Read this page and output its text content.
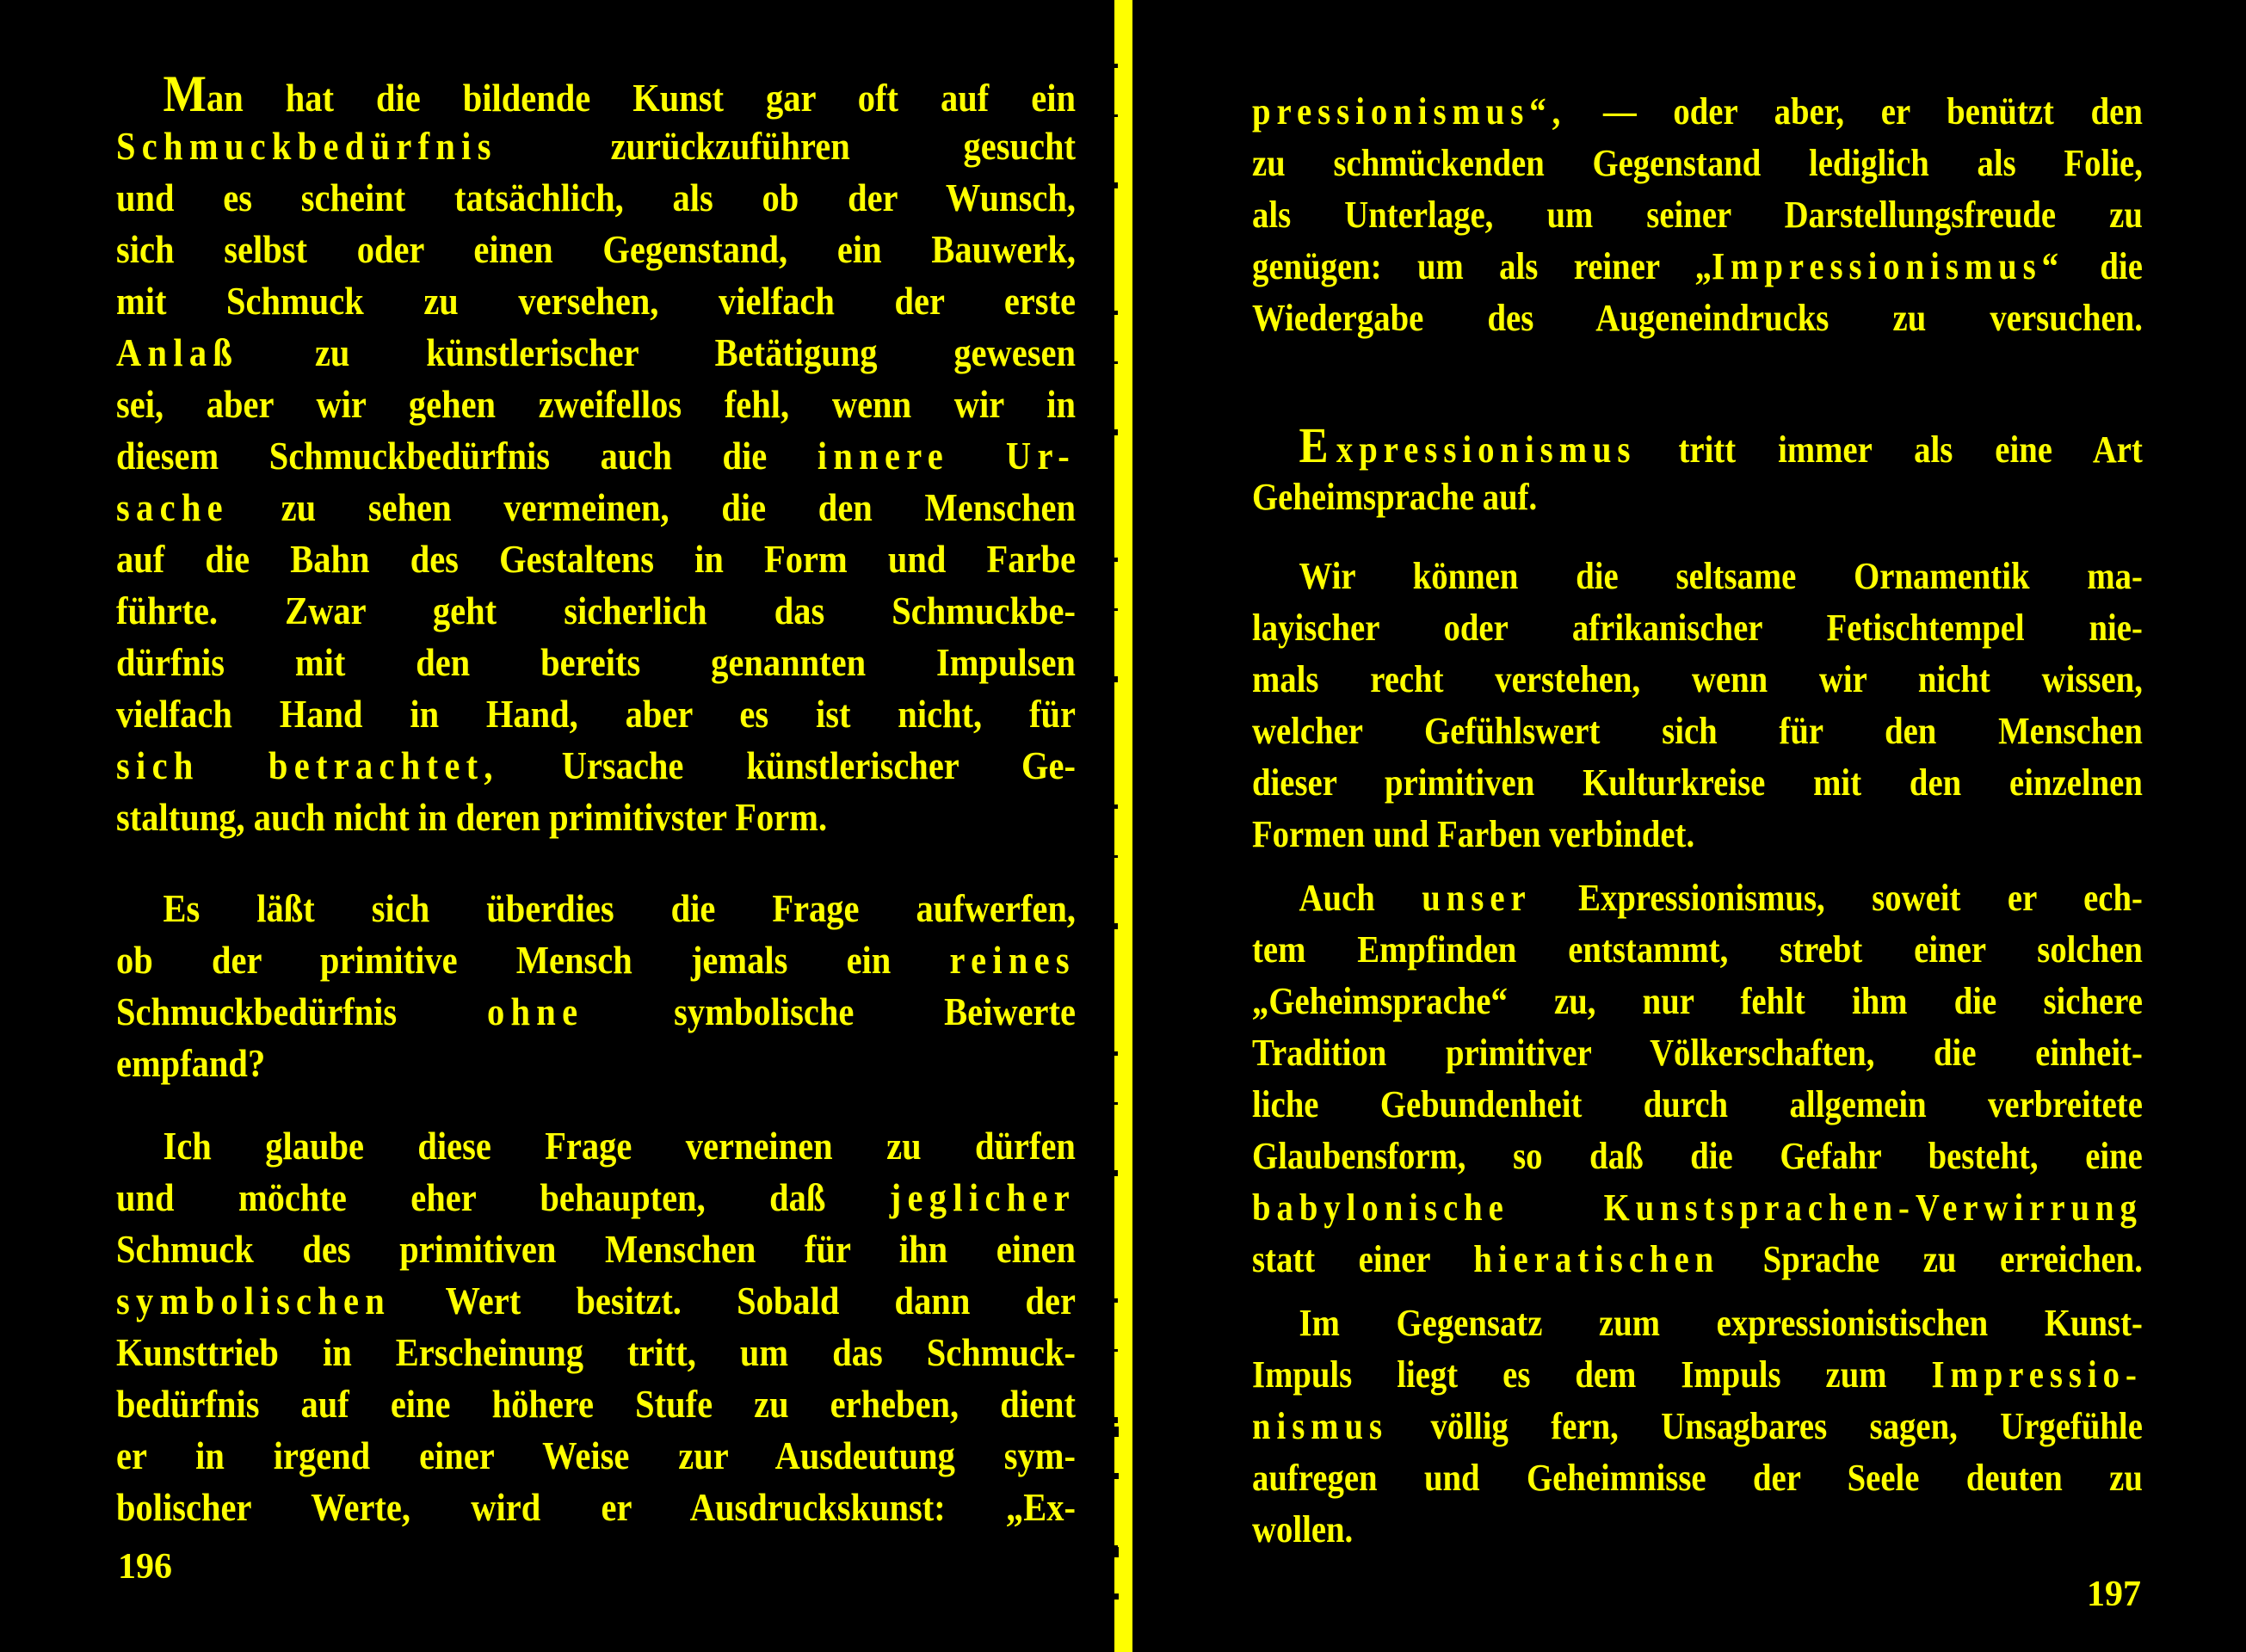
Man hat die bildende Kunst gar oft auf ein
Schmuckbedürfnis zurückzuführen gesucht
und es scheint tatsächlich, als ob der Wunsch,
sich selbst oder einen Gegenstand, ein Bauwerk,
mit Schmuck zu versehen, vielfach der erste
Anlaß zu künstlerischer Betätigung gewesen
sei, aber wir gehen zweifellos fehl, wenn wir in
diesem Schmuckbedürfnis auch die innere Ur-
sache zu sehen vermeinen, die den Menschen
auf die Bahn des Gestaltens in Form und Farbe
führte. Zwar geht sicherlich das Schmuckbe-
dürfnis mit den bereits genannten Impulsen
vielfach Hand in Hand, aber es ist nicht, für
sich betrachtet, Ursache künstlerischer Ge-
staltung, auch nicht in deren primitivster Form.
Es läßt sich überdies die Frage aufwerfen,
ob der primitive Mensch jemals ein reines
Schmuckbedürfnis ohne symbolische Beiwerte
empfand?
Ich glaube diese Frage verneinen zu dürfen
und möchte eher behaupten, daß jeglicher
Schmuck des primitiven Menschen für ihn einen
symbolischen Wert besitzt. Sobald dann der
Kunsttrieb in Erscheinung tritt, um das Schmuck-
bedürfnis auf eine höhere Stufe zu erheben, dient
er in irgend einer Weise zur Ausdeutung sym-
bolischer Werte, wird er Ausdruckskunst: „Ex-
pressionismus“, — oder aber, er benützt den
zu schmückenden Gegenstand lediglich als Folie,
als Unterlage, um seiner Darstellungsfreude zu
genügen: um als reiner „Impressionismus“ die
Wiedergabe des Augeneindrucks zu versuchen.
Expressionismus tritt immer als eine Art
Geheimsprache auf.
Wir können die seltsame Ornamentik ma-
layischer oder afrikanischer Fetischtempel nie-
mals recht verstehen, wenn wir nicht wissen,
welcher Gefühlswert sich für den Menschen
dieser primitiven Kulturkreise mit den einzelnen
Formen und Farben verbindet.
Auch unser Expressionismus, soweit er ech-
tem Empfinden entstammt, strebt einer solchen
„Geheimsprache“ zu, nur fehlt ihm die sichere
Tradition primitiver Völkerschaften, die einheit-
liche Gebundenheit durch allgemein verbreitete
Glaubensform, so daß die Gefahr besteht, eine
babylonische Kunstsprachen-Verwirrung
statt einer hieratischen Sprache zu erreichen.
Im Gegensatz zum expressionistischen Kunst-
Impuls liegt es dem Impuls zum Impressio-
nismus völlig fern, Unsagbares sagen, Urgefühle
aufregen und Geheimnisse der Seele deuten zu
wollen.
196
197
